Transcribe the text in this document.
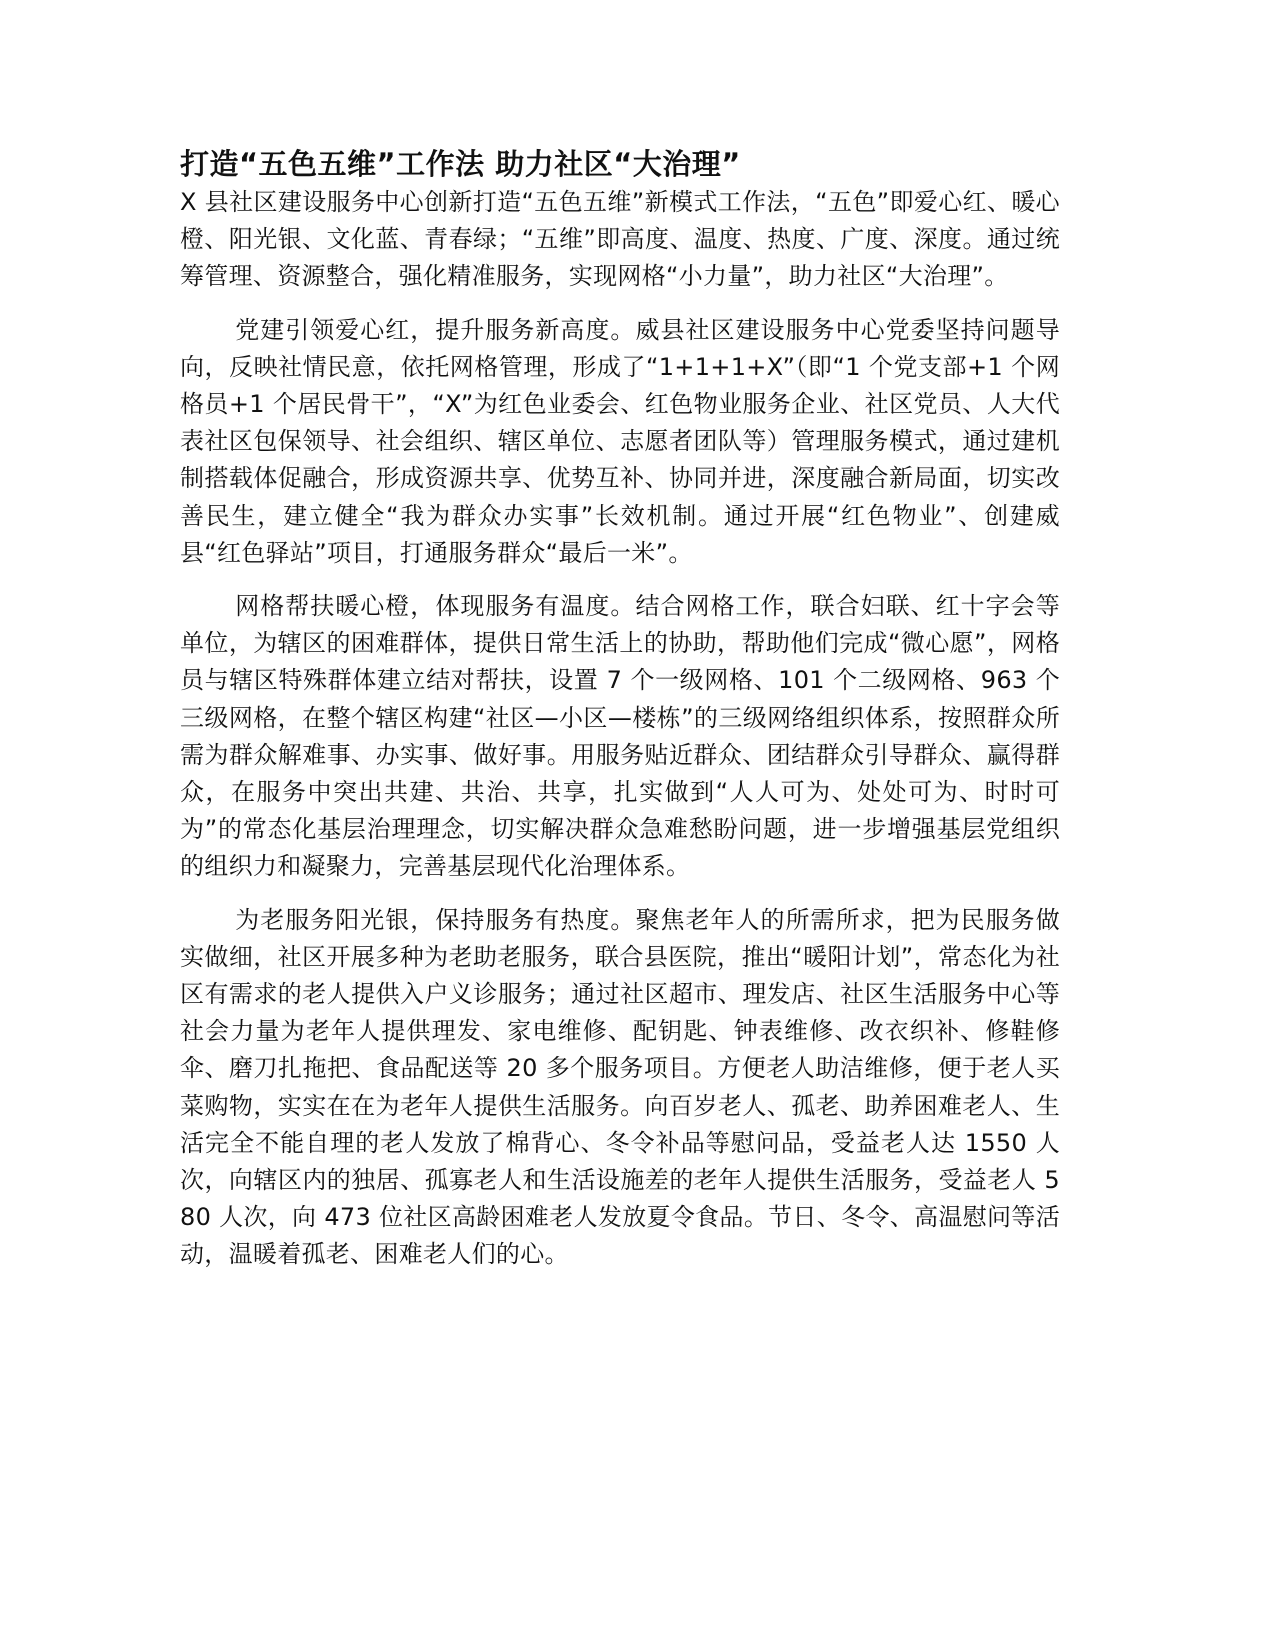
打造“五色五维”工作法 助力社区“大治理”

X 县社区建设服务中心创新打造“五色五维”新模式工作法，“五色”即爱心红、暖心橙、阳光银、文化蓝、青春绿；“五维”即高度、温度、热度、广度、深度。通过统筹管理、资源整合，强化精准服务，实现网格“小力量”，助力社区“大治理”。

党建引领爱心红，提升服务新高度。威县社区建设服务中心党委坚持问题导向，反映社情民意，依托网格管理，形成了“1+1+1+X”（即“1 个党支部+1 个网格员+1 个居民骨干”，“X”为红色业委会、红色物业服务企业、社区党员、人大代表社区包保领导、社会组织、辖区单位、志愿者团队等）管理服务模式，通过建机制搭载体促融合，形成资源共享、优势互补、协同并进，深度融合新局面，切实改善民生，建立健全“我为群众办实事”长效机制。通过开展“红色物业”、创建威县“红色驿站”项目，打通服务群众“最后一米”。

网格帮扶暖心橙，体现服务有温度。结合网格工作，联合妇联、红十字会等单位，为辖区的困难群体，提供日常生活上的协助，帮助他们完成“微心愿”，网格员与辖区特殊群体建立结对帮扶，设置 7 个一级网格、101 个二级网格、963 个三级网格，在整个辖区构建“社区—小区—楼栋”的三级网络组织体系，按照群众所需为群众解难事、办实事、做好事。用服务贴近群众、团结群众引导群众、赢得群众，在服务中突出共建、共治、共享，扎实做到“人人可为、处处可为、时时可为”的常态化基层治理理念，切实解决群众急难愁盼问题，进一步增强基层党组织的组织力和凝聚力，完善基层现代化治理体系。

为老服务阳光银，保持服务有热度。聚焦老年人的所需所求，把为民服务做实做细，社区开展多种为老助老服务，联合县医院，推出“暖阳计划”，常态化为社区有需求的老人提供入户义诊服务；通过社区超市、理发店、社区生活服务中心等社会力量为老年人提供理发、家电维修、配钥匙、钟表维修、改衣织补、修鞋修伞、磨刀扎拖把、食品配送等 20 多个服务项目。方便老人助洁维修，便于老人买菜购物，实实在在为老年人提供生活服务。向百岁老人、孤老、助养困难老人、生活完全不能自理的老人发放了棉背心、冬令补品等慰问品，受益老人达 1550 人次，向辖区内的独居、孤寡老人和生活设施差的老年人提供生活服务，受益老人 580 人次，向 473 位社区高龄困难老人发放夏令食品。节日、冬令、高温慰问等活动，温暖着孤老、困难老人们的心。
